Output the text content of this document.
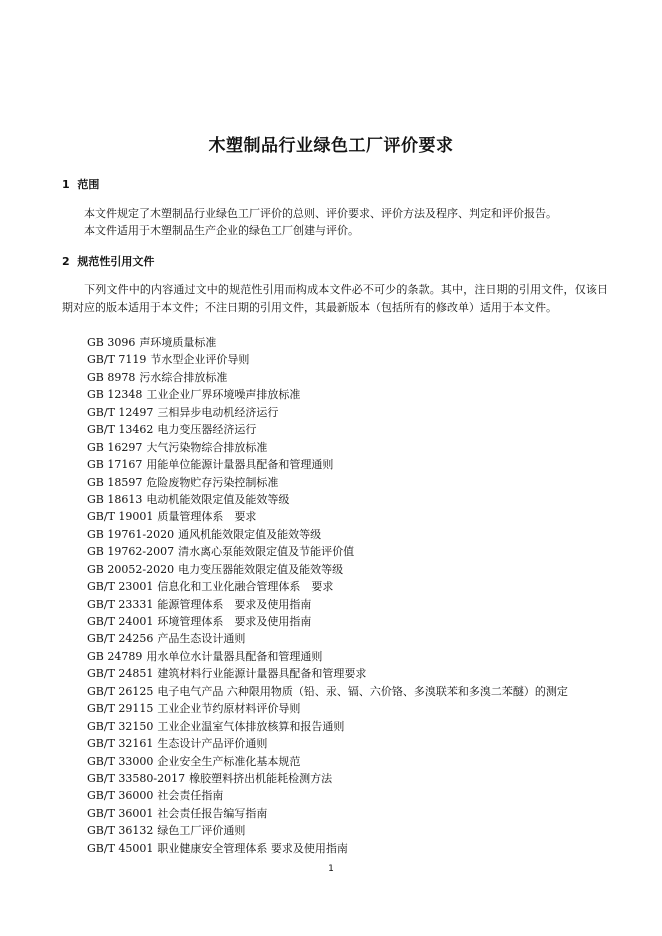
木塑制品行业绿色工厂评价要求
1 范围
本文件规定了木塑制品行业绿色工厂评价的总则、评价要求、评价方法及程序、判定和评价报告。
本文件适用于木塑制品生产企业的绿色工厂创建与评价。
2 规范性引用文件
下列文件中的内容通过文中的规范性引用而构成本文件必不可少的条款。其中，注日期的引用文件，仅该日期对应的版本适用于本文件；不注日期的引用文件，其最新版本（包括所有的修改单）适用于本文件。
GB 3096 声环境质量标准
GB/T 7119 节水型企业评价导则
GB 8978 污水综合排放标准
GB 12348 工业企业厂界环境噪声排放标准
GB/T 12497 三相异步电动机经济运行
GB/T 13462 电力变压器经济运行
GB 16297 大气污染物综合排放标准
GB 17167 用能单位能源计量器具配备和管理通则
GB 18597 危险废物贮存污染控制标准
GB 18613 电动机能效限定值及能效等级
GB/T 19001 质量管理体系　要求
GB 19761-2020 通风机能效限定值及能效等级
GB 19762-2007 清水离心泵能效限定值及节能评价值
GB 20052-2020 电力变压器能效限定值及能效等级
GB/T 23001 信息化和工业化融合管理体系　要求
GB/T 23331 能源管理体系　要求及使用指南
GB/T 24001 环境管理体系　要求及使用指南
GB/T 24256 产品生态设计通则
GB 24789 用水单位水计量器具配备和管理通则
GB/T 24851 建筑材料行业能源计量器具配备和管理要求
GB/T 26125 电子电气产品 六种限用物质（铅、汞、镉、六价铬、多溴联苯和多溴二苯醚）的测定
GB/T 29115 工业企业节约原材料评价导则
GB/T 32150 工业企业温室气体排放核算和报告通则
GB/T 32161 生态设计产品评价通则
GB/T 33000 企业安全生产标准化基本规范
GB/T 33580-2017 橡胶塑料挤出机能耗检测方法
GB/T 36000 社会责任指南
GB/T 36001 社会责任报告编写指南
GB/T 36132 绿色工厂评价通则
GB/T 45001 职业健康安全管理体系 要求及使用指南
1
